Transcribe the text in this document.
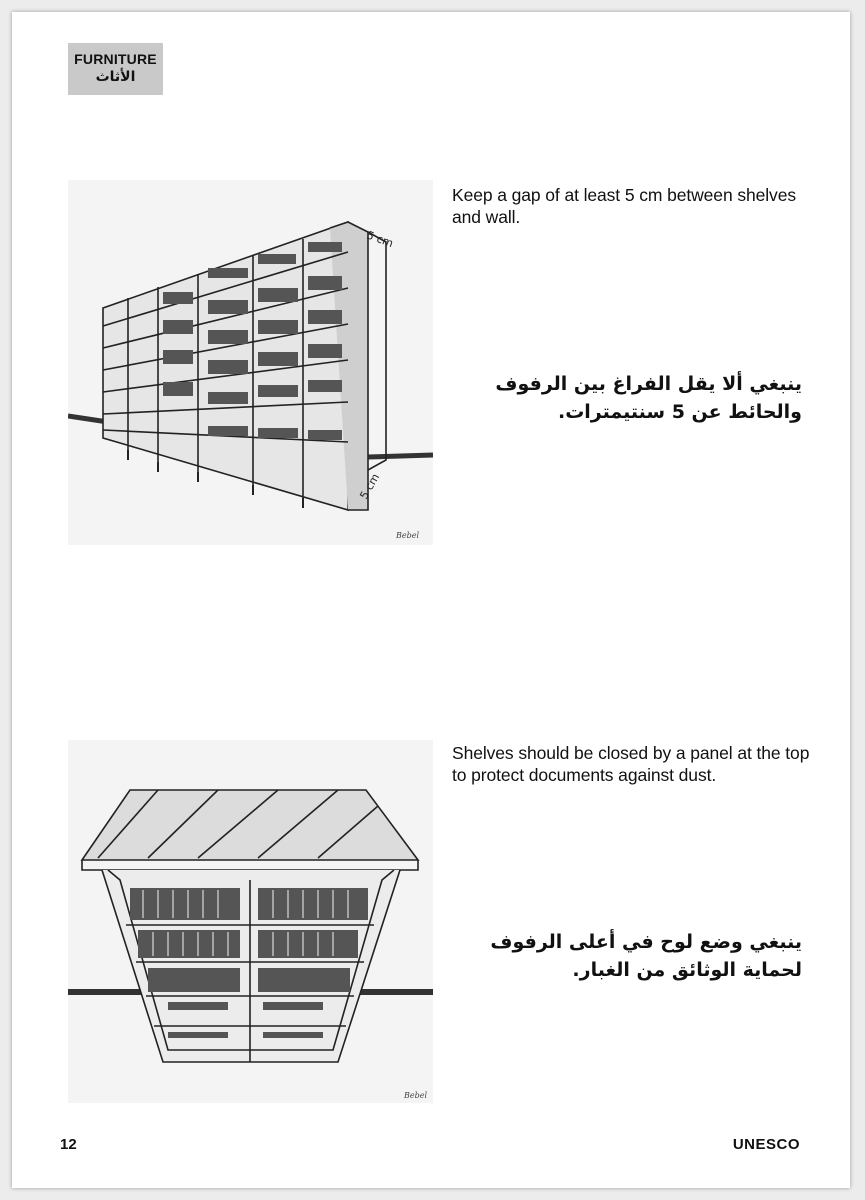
FURNITURE
الأثاث
5 cm
5 cm
Bebel
Keep a gap of at least 5 cm between shelves and wall.
ينبغي ألا يقل الفراغ بين الرفوف والحائط عن 5 سنتيمترات.
Bebel
Shelves should be closed by a panel at the top to protect documents against dust.
ينبغي وضع لوح في أعلى الرفوف لحماية الوثائق من الغبار.
12	UNESCO
